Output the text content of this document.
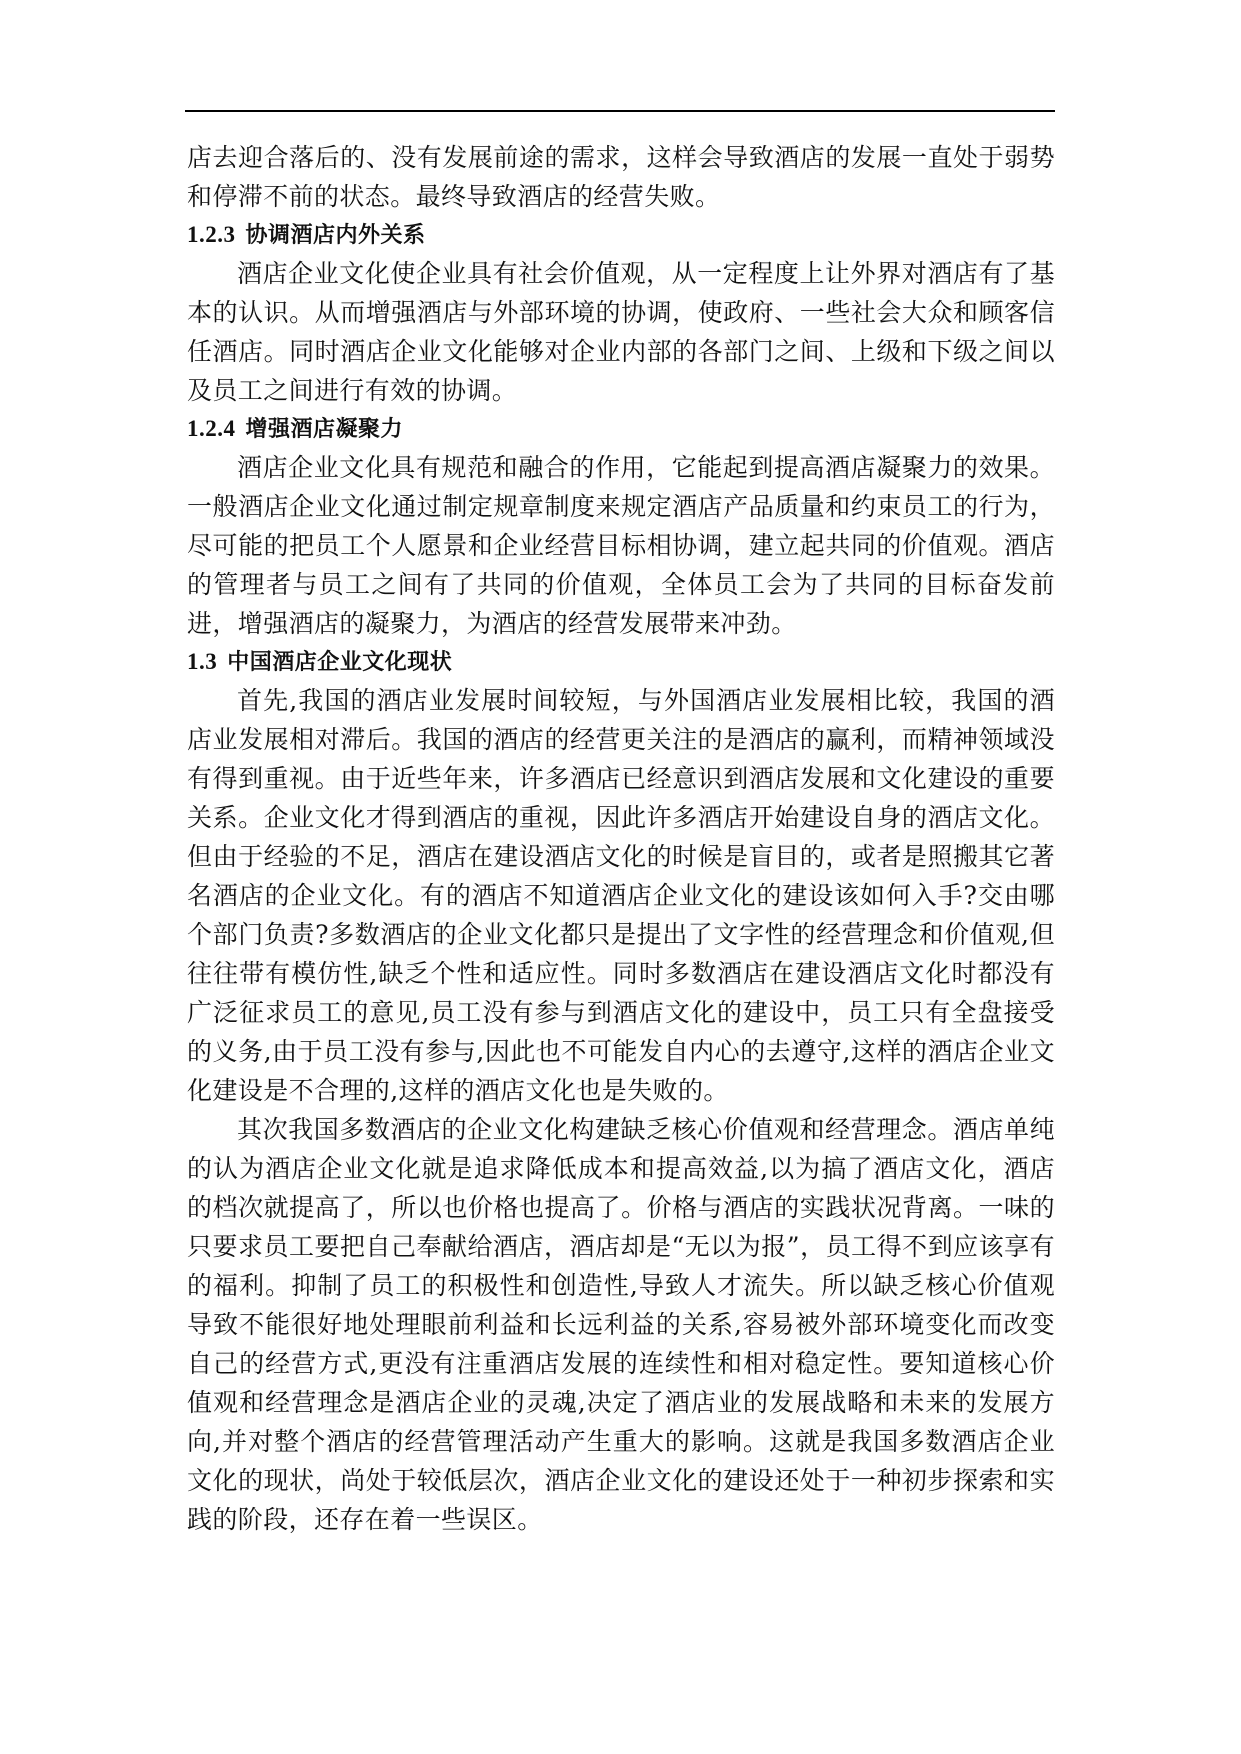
店去迎合落后的、没有发展前途的需求，这样会导致酒店的发展一直处于弱势和停滞不前的状态。最终导致酒店的经营失败。

1.2.3 协调酒店内外关系

酒店企业文化使企业具有社会价值观，从一定程度上让外界对酒店有了基本的认识。从而增强酒店与外部环境的协调，使政府、一些社会大众和顾客信任酒店。同时酒店企业文化能够对企业内部的各部门之间、上级和下级之间以及员工之间进行有效的协调。

1.2.4 增强酒店凝聚力

酒店企业文化具有规范和融合的作用，它能起到提高酒店凝聚力的效果。一般酒店企业文化通过制定规章制度来规定酒店产品质量和约束员工的行为，尽可能的把员工个人愿景和企业经营目标相协调，建立起共同的价值观。酒店的管理者与员工之间有了共同的价值观，全体员工会为了共同的目标奋发前进，增强酒店的凝聚力，为酒店的经营发展带来冲劲。

1.3 中国酒店企业文化现状

首先,我国的酒店业发展时间较短，与外国酒店业发展相比较，我国的酒店业发展相对滞后。我国的酒店的经营更关注的是酒店的赢利，而精神领域没有得到重视。由于近些年来，许多酒店已经意识到酒店发展和文化建设的重要关系。企业文化才得到酒店的重视，因此许多酒店开始建设自身的酒店文化。但由于经验的不足，酒店在建设酒店文化的时候是盲目的，或者是照搬其它著名酒店的企业文化。有的酒店不知道酒店企业文化的建设该如何入手?交由哪个部门负责?多数酒店的企业文化都只是提出了文字性的经营理念和价值观,但往往带有模仿性,缺乏个性和适应性。同时多数酒店在建设酒店文化时都没有广泛征求员工的意见,员工没有参与到酒店文化的建设中，员工只有全盘接受的义务,由于员工没有参与,因此也不可能发自内心的去遵守,这样的酒店企业文化建设是不合理的,这样的酒店文化也是失败的。

其次我国多数酒店的企业文化构建缺乏核心价值观和经营理念。酒店单纯的认为酒店企业文化就是追求降低成本和提高效益,以为搞了酒店文化，酒店的档次就提高了，所以也价格也提高了。价格与酒店的实践状况背离。一味的只要求员工要把自己奉献给酒店，酒店却是“无以为报”，员工得不到应该享有的福利。抑制了员工的积极性和创造性,导致人才流失。所以缺乏核心价值观导致不能很好地处理眼前利益和长远利益的关系,容易被外部环境变化而改变自己的经营方式,更没有注重酒店发展的连续性和相对稳定性。要知道核心价值观和经营理念是酒店企业的灵魂,决定了酒店业的发展战略和未来的发展方向,并对整个酒店的经营管理活动产生重大的影响。这就是我国多数酒店企业文化的现状，尚处于较低层次，酒店企业文化的建设还处于一种初步探索和实践的阶段，还存在着一些误区。
